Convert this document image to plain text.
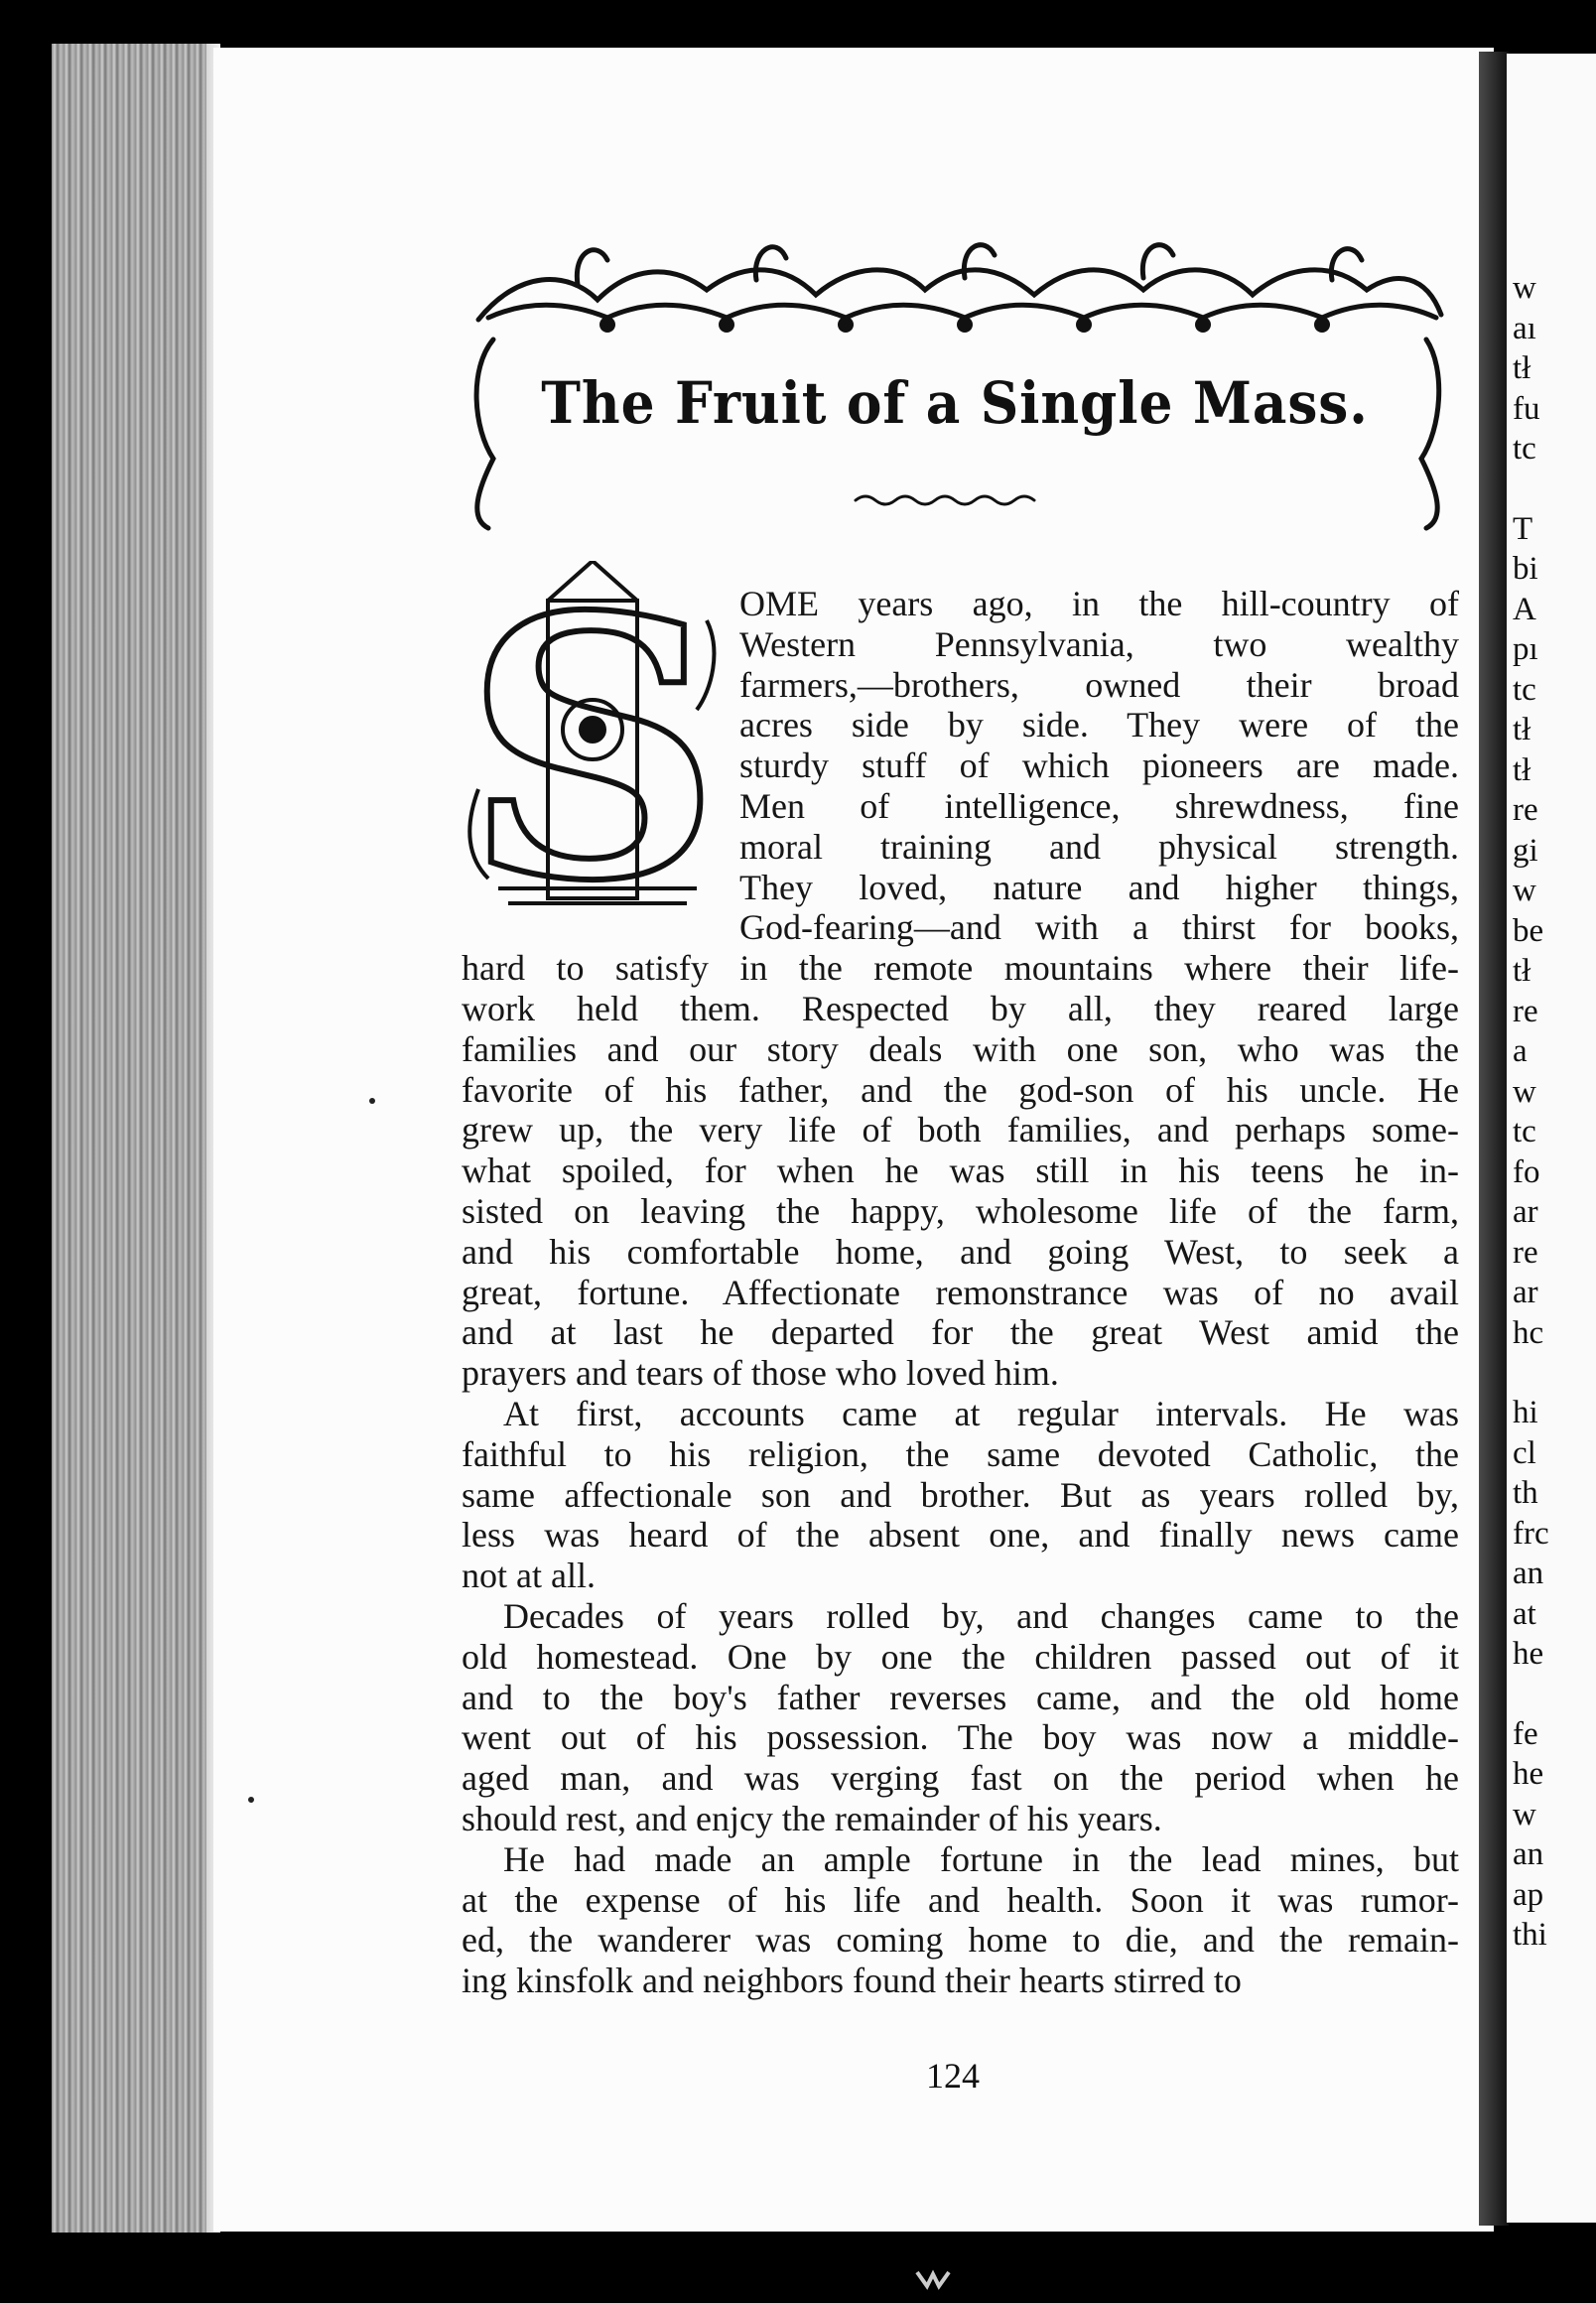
w
aı
tł
fu
tc
T
bi
A
pı
tc
tł
tł
re
gi
w
be
tł
re
a
w
tc
fo
ar
re
ar
hc
hi
cl
th
frc
an
at
he
fe
he
w
an
ap
thi
The Fruit of a Single Mass.
S OME years ago, in the hill-country of
Western Pennsylvania, two wealthy
farmers,—brothers, owned their broad
acres side by side. They were of the
sturdy stuff of which pioneers are made.
Men of intelligence, shrewdness, fine
moral training and physical strength.
They loved, nature and higher things,
God-fearing—and with a thirst for books,
hard to satisfy in the remote mountains where their life-
work held them. Respected by all, they reared large
families and our story deals with one son, who was the
favorite of his father, and the god-son of his uncle. He
grew up, the very life of both families, and perhaps some-
what spoiled, for when he was still in his teens he in-
sisted on leaving the happy, wholesome life of the farm,
and his comfortable home, and going West, to seek a
great, fortune. Affectionate remonstrance was of no avail
and at last he departed for the great West amid the
prayers and tears of those who loved him.
At first, accounts came at regular intervals. He was
faithful to his religion, the same devoted Catholic, the
same affectionale son and brother. But as years rolled by,
less was heard of the absent one, and finally news came
not at all.
Decades of years rolled by, and changes came to the
old homestead. One by one the children passed out of it
and to the boy's father reverses came, and the old home
went out of his possession. The boy was now a middle-
aged man, and was verging fast on the period when he
should rest, and enjcy the remainder of his years.
He had made an ample fortune in the lead mines, but
at the expense of his life and health. Soon it was rumor-
ed, the wanderer was coming home to die, and the remain-
ing kinsfolk and neighbors found their hearts stirred to
124
